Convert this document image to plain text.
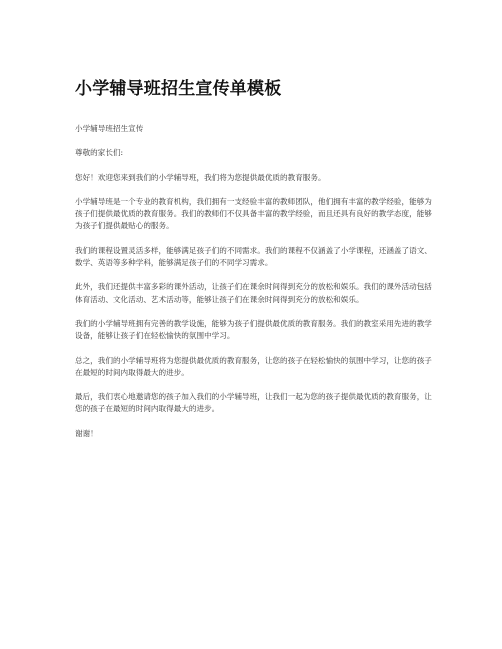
小学辅导班招生宣传单模板

小学辅导班招生宣传

尊敬的家长们:

您好！欢迎您来到我们的小学辅导班，我们将为您提供最优质的教育服务。

小学辅导班是一个专业的教育机构，我们拥有一支经验丰富的教师团队，他们拥有丰富的教学经验，能够为孩子们提供最优质的教育服务。我们的教师们不仅具备丰富的教学经验，而且还具有良好的教学态度，能够为孩子们提供最贴心的服务。

我们的课程设置灵活多样，能够满足孩子们的不同需求。我们的课程不仅涵盖了小学课程，还涵盖了语文、数学、英语等多种学科，能够满足孩子们的不同学习需求。

此外，我们还提供丰富多彩的课外活动，让孩子们在课余时间得到充分的放松和娱乐。我们的课外活动包括体育活动、文化活动、艺术活动等，能够让孩子们在课余时间得到充分的放松和娱乐。

我们的小学辅导班拥有完善的教学设施，能够为孩子们提供最优质的教育服务。我们的教室采用先进的教学设备，能够让孩子们在轻松愉快的氛围中学习。

总之，我们的小学辅导班将为您提供最优质的教育服务，让您的孩子在轻松愉快的氛围中学习，让您的孩子在最短的时间内取得最大的进步。

最后，我们衷心地邀请您的孩子加入我们的小学辅导班，让我们一起为您的孩子提供最优质的教育服务，让您的孩子在最短的时间内取得最大的进步。

谢谢！
